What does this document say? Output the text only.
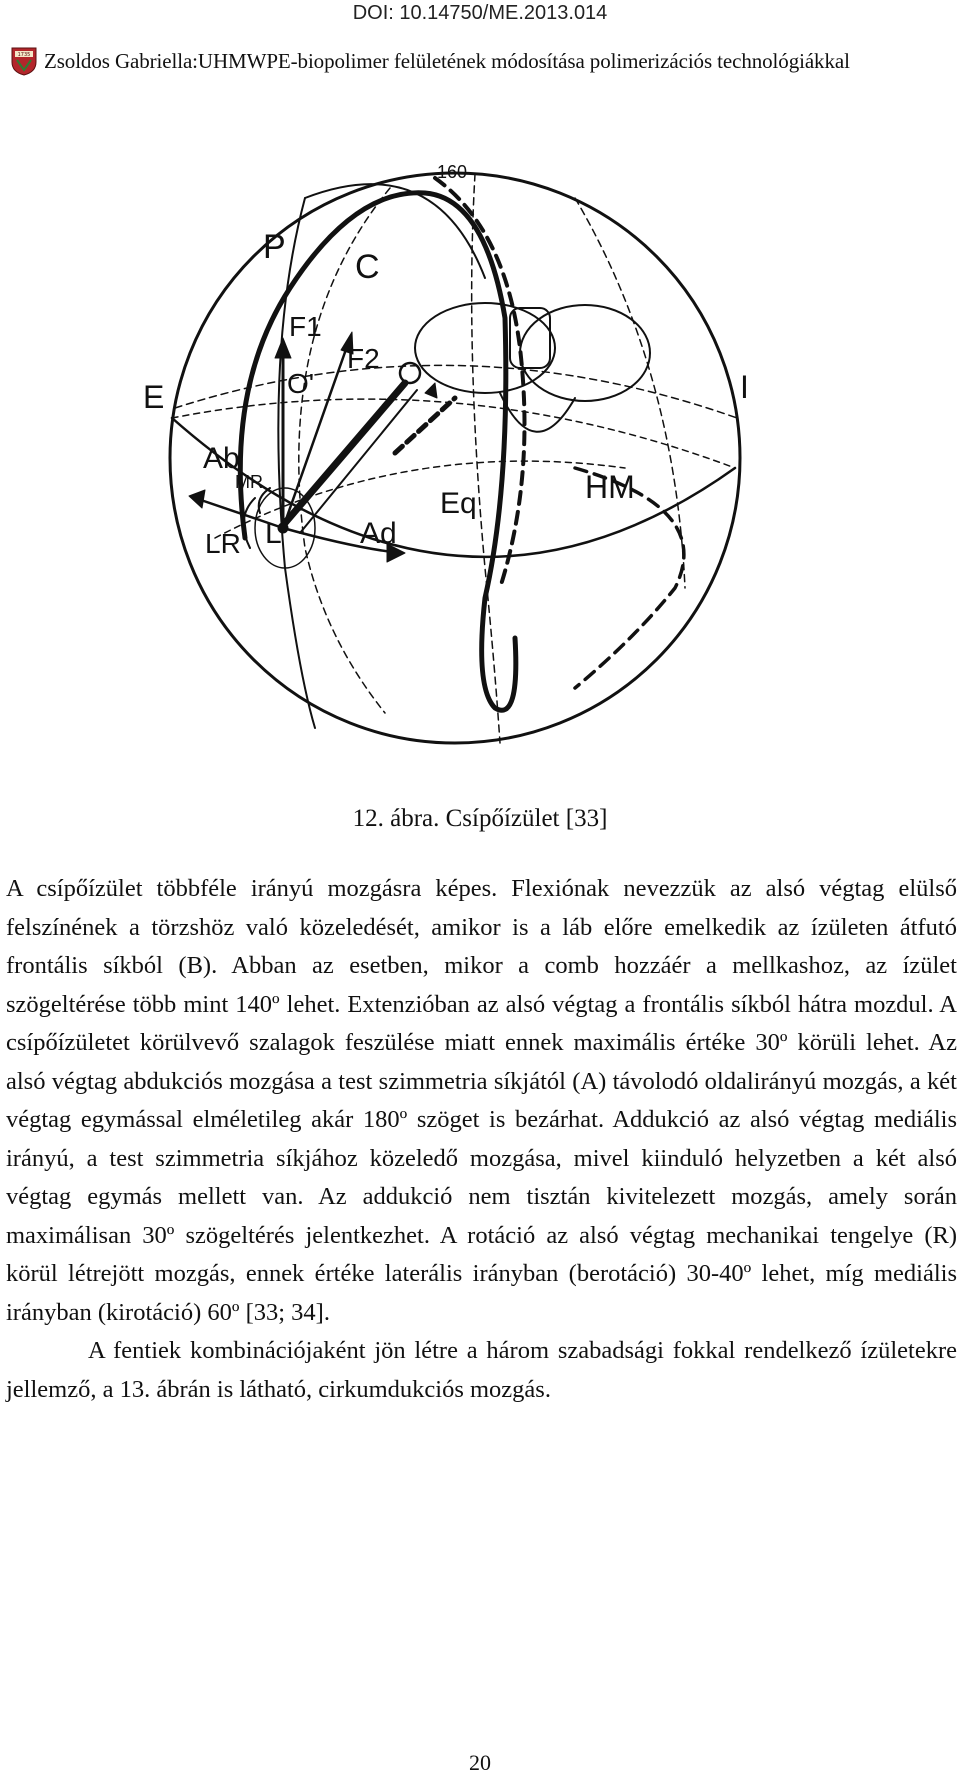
DOI: 10.14750/ME.2013.014
1735 Zsoldos Gabriella:UHMWPE-biopolimer felületének módosítása polimerizációs technológiákkal
P
C
E	I
F1
F2
O'
Ab
MR
LR L	Ad
Eq	HM
160
12. ábra. Csípőízület [33]

A csípőízület többféle irányú mozgásra képes. Flexiónak nevezzük az alsó végtag elülső felszínének a törzshöz való közeledését, amikor is a láb előre emelkedik az ízületen átfutó frontális síkból (B). Abban az esetben, mikor a comb hozzáér a mellkashoz, az ízület szögeltérése több mint 140º lehet. Extenzióban az alsó végtag a frontális síkból hátra mozdul. A csípőízületet körülvevő szalagok feszülése miatt ennek maximális értéke 30º körüli lehet. Az alsó végtag abdukciós mozgása a test szimmetria síkjától (A) távolodó oldalirányú mozgás, a két végtag egymással elméletileg akár 180º szöget is bezárhat. Addukció az alsó végtag mediális irányú, a test szimmetria síkjához közeledő mozgása, mivel kiinduló helyzetben a két alsó végtag egymás mellett van. Az addukció nem tisztán kivitelezett mozgás, amely során maximálisan 30º szögeltérés jelentkezhet. A rotáció az alsó végtag mechanikai tengelye (R) körül létrejött mozgás, ennek értéke laterális irányban (berotáció) 30-40º lehet, míg mediális irányban (kirotáció) 60º [33; 34].

A fentiek kombinációjaként jön létre a három szabadsági fokkal rendelkező ízületekre jellemző, a 13. ábrán is látható, cirkumdukciós mozgás.

20
